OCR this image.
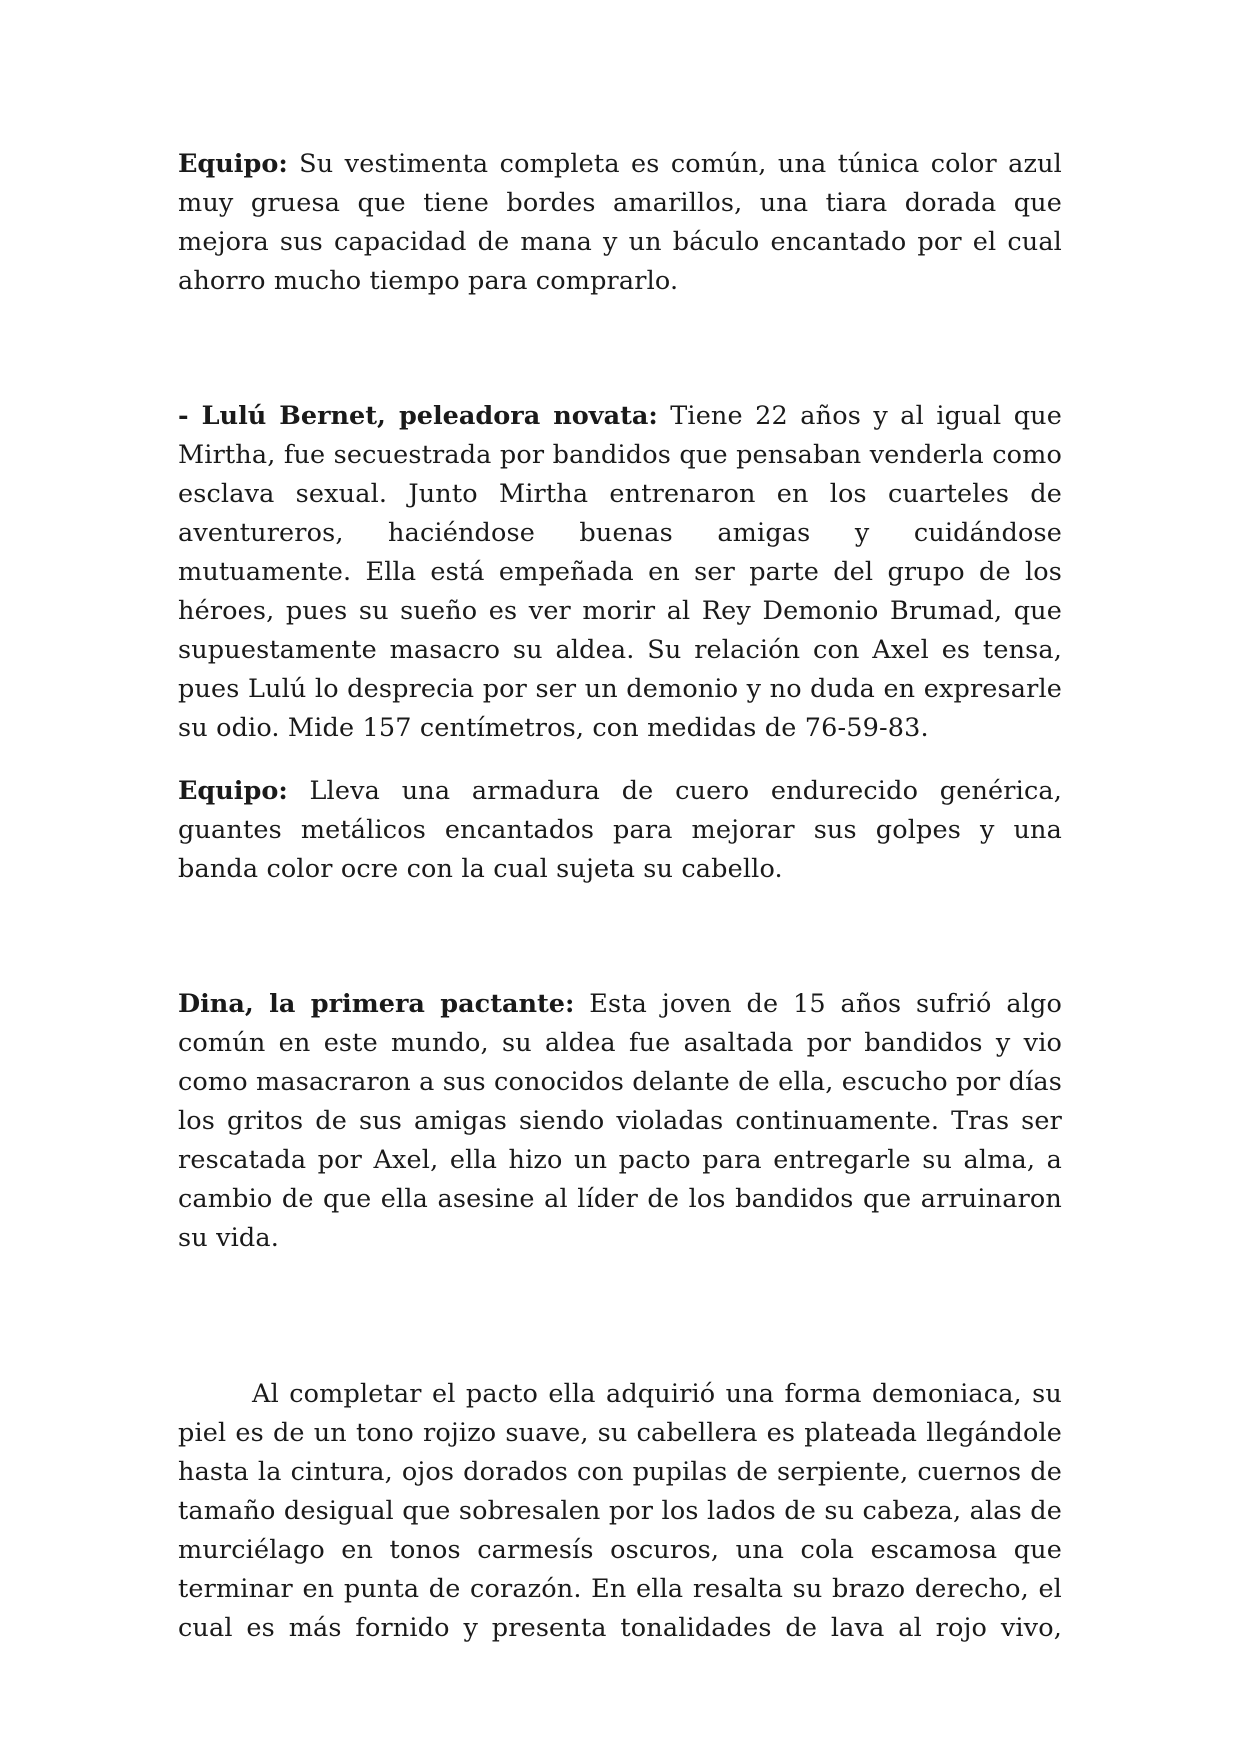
Equipo: Su vestimenta completa es común, una túnica color azul muy gruesa que tiene bordes amarillos, una tiara dorada que mejora sus capacidad de mana y un báculo encantado por el cual ahorro mucho tiempo para comprarlo.

- Lulú Bernet, peleadora novata: Tiene 22 años y al igual que Mirtha, fue secuestrada por bandidos que pensaban venderla como esclava sexual. Junto Mirtha entrenaron en los cuarteles de aventureros, haciéndose buenas amigas y cuidándose mutuamente. Ella está empeñada en ser parte del grupo de los héroes, pues su sueño es ver morir al Rey Demonio Brumad, que supuestamente masacro su aldea. Su relación con Axel es tensa, pues Lulú lo desprecia por ser un demonio y no duda en expresarle su odio. Mide 157 centímetros, con medidas de 76-59-83.

Equipo: Lleva una armadura de cuero endurecido genérica, guantes metálicos encantados para mejorar sus golpes y una banda color ocre con la cual sujeta su cabello.

Dina, la primera pactante: Esta joven de 15 años sufrió algo común en este mundo, su aldea fue asaltada por bandidos y vio como masacraron a sus conocidos delante de ella, escucho por días los gritos de sus amigas siendo violadas continuamente. Tras ser rescatada por Axel, ella hizo un pacto para entregarle su alma, a cambio de que ella asesine al líder de los bandidos que arruinaron su vida.

Al completar el pacto ella adquirió una forma demoniaca, su piel es de un tono rojizo suave, su cabellera es plateada llegándole hasta la cintura, ojos dorados con pupilas de serpiente, cuernos de tamaño desigual que sobresalen por los lados de su cabeza, alas de murciélago en tonos carmesís oscuros, una cola escamosa que terminar en punta de corazón. En ella resalta su brazo derecho, el cual es más fornido y presenta tonalidades de lava al rojo vivo,
